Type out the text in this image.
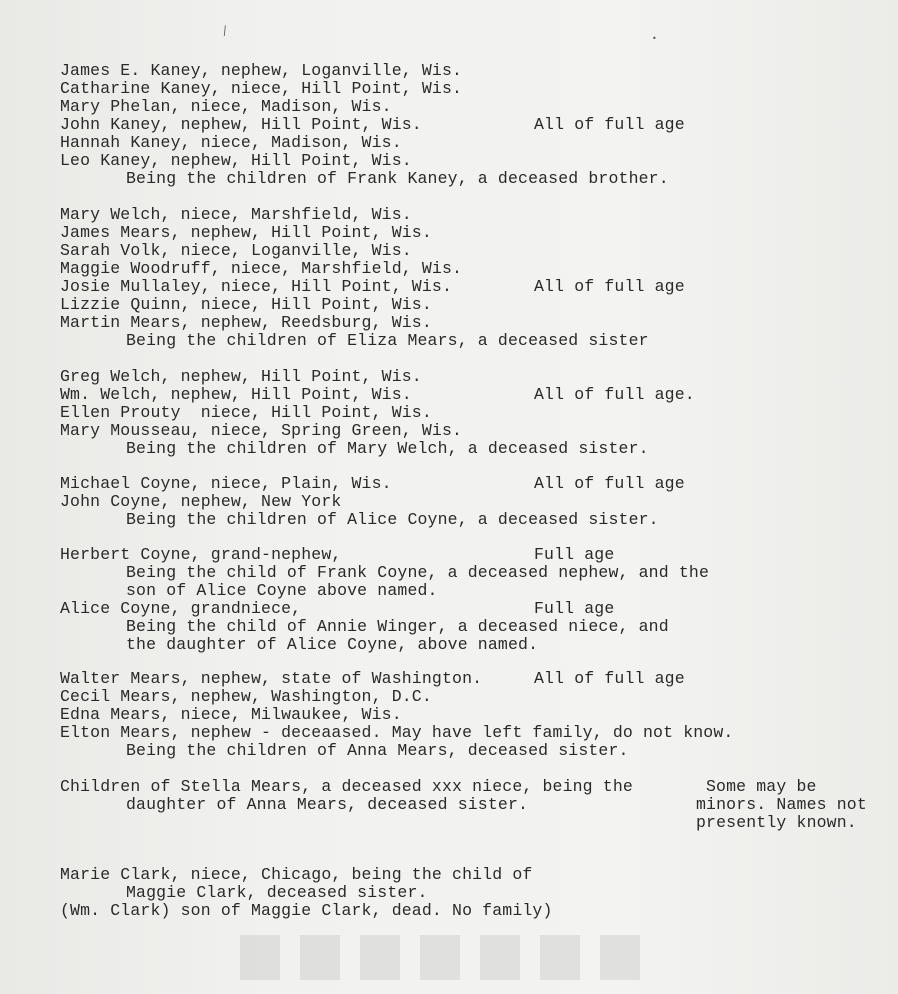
⁄
•
James E. Kaney, nephew, Loganville, Wis.
Catharine Kaney, niece, Hill Point, Wis.
Mary Phelan, niece, Madison, Wis.
John Kaney, nephew, Hill Point, Wis.	All of full age
Hannah Kaney, niece, Madison, Wis.
Leo Kaney, nephew, Hill Point, Wis.
Being the children of Frank Kaney, a deceased brother.
Mary Welch, niece, Marshfield, Wis.
James Mears, nephew, Hill Point, Wis.
Sarah Volk, niece, Loganville, Wis.
Maggie Woodruff, niece, Marshfield, Wis.
Josie Mullaley, niece, Hill Point, Wis.	All of full age
Lizzie Quinn, niece, Hill Point, Wis.
Martin Mears, nephew, Reedsburg, Wis.
Being the children of Eliza Mears, a deceased sister
Greg Welch, nephew, Hill Point, Wis.
Wm. Welch, nephew, Hill Point, Wis.	All of full age.
Ellen Prouty  niece, Hill Point, Wis.
Mary Mousseau, niece, Spring Green, Wis.
Being the children of Mary Welch, a deceased sister.
Michael Coyne, niece, Plain, Wis.	All of full age
John Coyne, nephew, New York
Being the children of Alice Coyne, a deceased sister.
Herbert Coyne, grand-nephew,	Full age
Being the child of Frank Coyne, a deceased nephew, and the
son of Alice Coyne above named.
Alice Coyne, grandniece,	Full age
Being the child of Annie Winger, a deceased niece, and
the daughter of Alice Coyne, above named.
Walter Mears, nephew, state of Washington.	All of full age
Cecil Mears, nephew, Washington, D.C.
Edna Mears, niece, Milwaukee, Wis.
Elton Mears, nephew - deceaased. May have left family, do not know.
Being the children of Anna Mears, deceased sister.
Children of Stella Mears, a deceased xxx niece, being the
daughter of Anna Mears, deceased sister.
Some may be
minors. Names not
presently known.
Marie Clark, niece, Chicago, being the child of
Maggie Clark, deceased sister.
(Wm. Clark) son of Maggie Clark, dead. No family)
